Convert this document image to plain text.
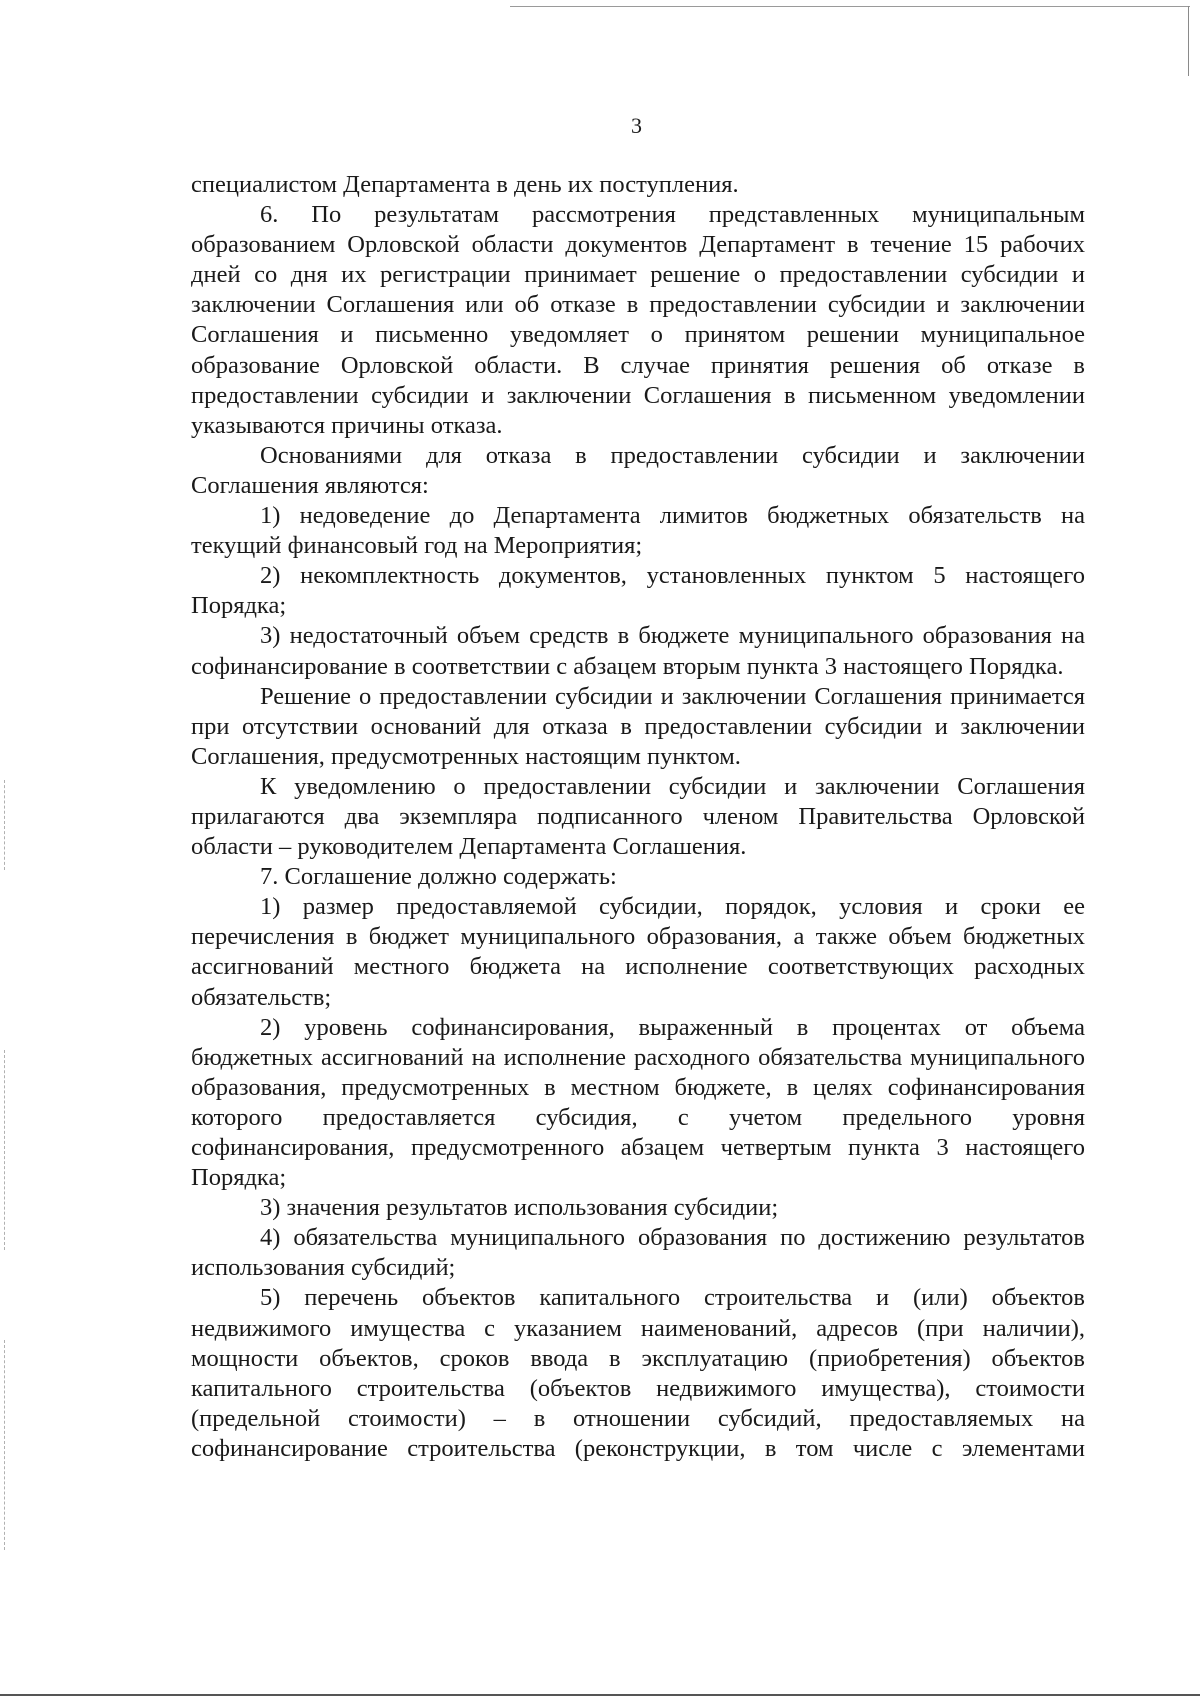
3

специалистом Департамента в день их поступления.

6. По результатам рассмотрения представленных муниципальным образованием Орловской области документов Департамент в течение 15 рабочих дней со дня их регистрации принимает решение о предоставлении субсидии и заключении Соглашения или об отказе в предоставлении субсидии и заключении Соглашения и письменно уведомляет о принятом решении муниципальное образование Орловской области. В случае принятия решения об отказе в предоставлении субсидии и заключении Соглашения в письменном уведомлении указываются причины отказа.

Основаниями для отказа в предоставлении субсидии и заключении Соглашения являются:

1) недоведение до Департамента лимитов бюджетных обязательств на текущий финансовый год на Мероприятия;

2) некомплектность документов, установленных пунктом 5 настоящего Порядка;

3) недостаточный объем средств в бюджете муниципального образования на софинансирование в соответствии с абзацем вторым пункта 3 настоящего Порядка.

Решение о предоставлении субсидии и заключении Соглашения принимается при отсутствии оснований для отказа в предоставлении субсидии и заключении Соглашения, предусмотренных настоящим пунктом.

К уведомлению о предоставлении субсидии и заключении Соглашения прилагаются два экземпляра подписанного членом Правительства Орловской области – руководителем Департамента Соглашения.

7. Соглашение должно содержать:

1) размер предоставляемой субсидии, порядок, условия и сроки ее перечисления в бюджет муниципального образования, а также объем бюджетных ассигнований местного бюджета на исполнение соответствующих расходных обязательств;

2) уровень софинансирования, выраженный в процентах от объема бюджетных ассигнований на исполнение расходного обязательства муниципального образования, предусмотренных в местном бюджете, в целях софинансирования которого предоставляется субсидия, с учетом предельного уровня софинансирования, предусмотренного абзацем четвертым пункта 3 настоящего Порядка;

3) значения результатов использования субсидии;

4) обязательства муниципального образования по достижению результатов использования субсидий;

5) перечень объектов капитального строительства и (или) объектов недвижимого имущества с указанием наименований, адресов (при наличии), мощности объектов, сроков ввода в эксплуатацию (приобретения) объектов капитального строительства (объектов недвижимого имущества), стоимости (предельной стоимости) – в отношении субсидий, предоставляемых на софинансирование строительства (реконструкции, в том числе с элементами
